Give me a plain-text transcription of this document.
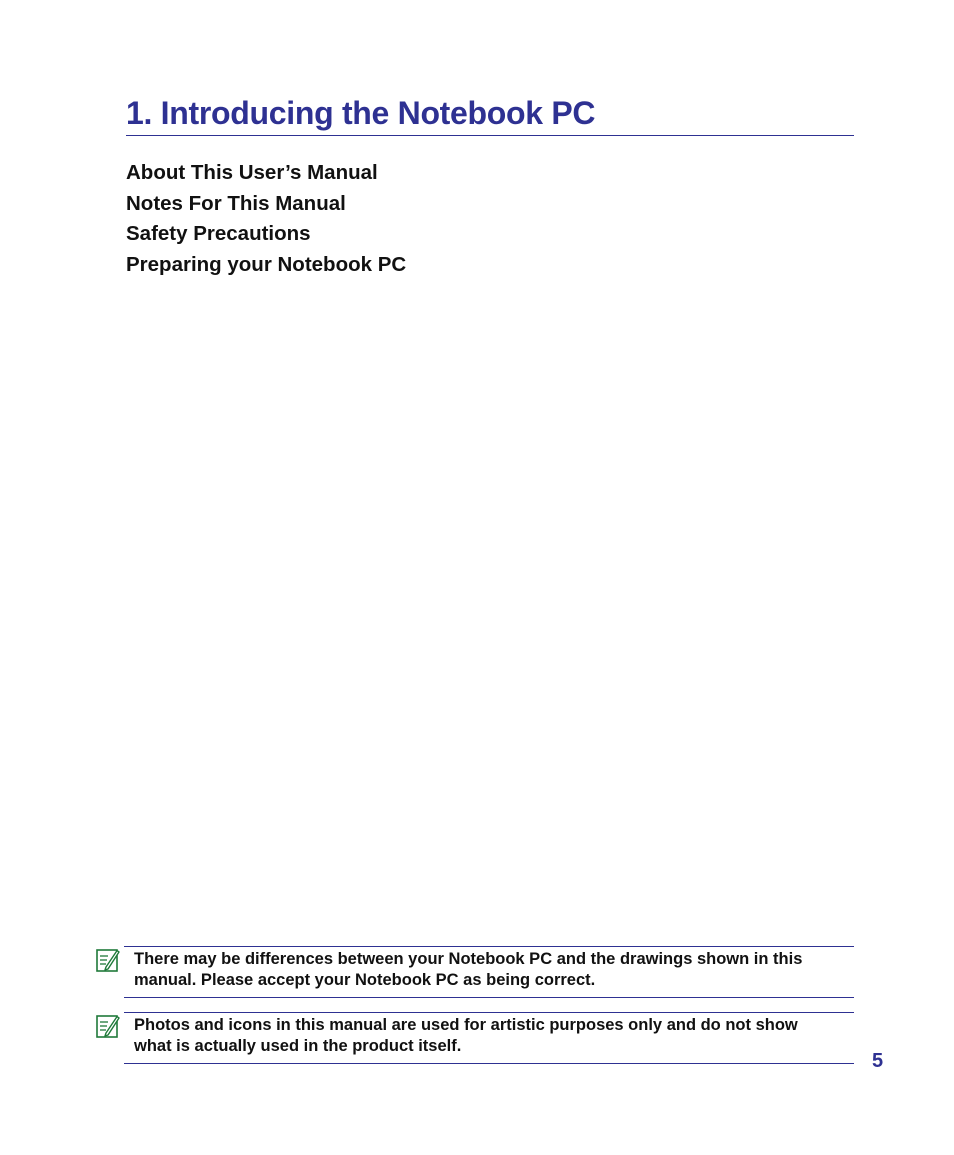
1. Introducing the Notebook PC
About This User’s Manual
Notes For This Manual
Safety Precautions
Preparing your Notebook PC

There may be differences between your Notebook PC and the drawings shown in this manual. Please accept your Notebook PC as being correct.

Photos and icons in this manual are used for artistic purposes only and do not show what is actually used in the product itself.

5
